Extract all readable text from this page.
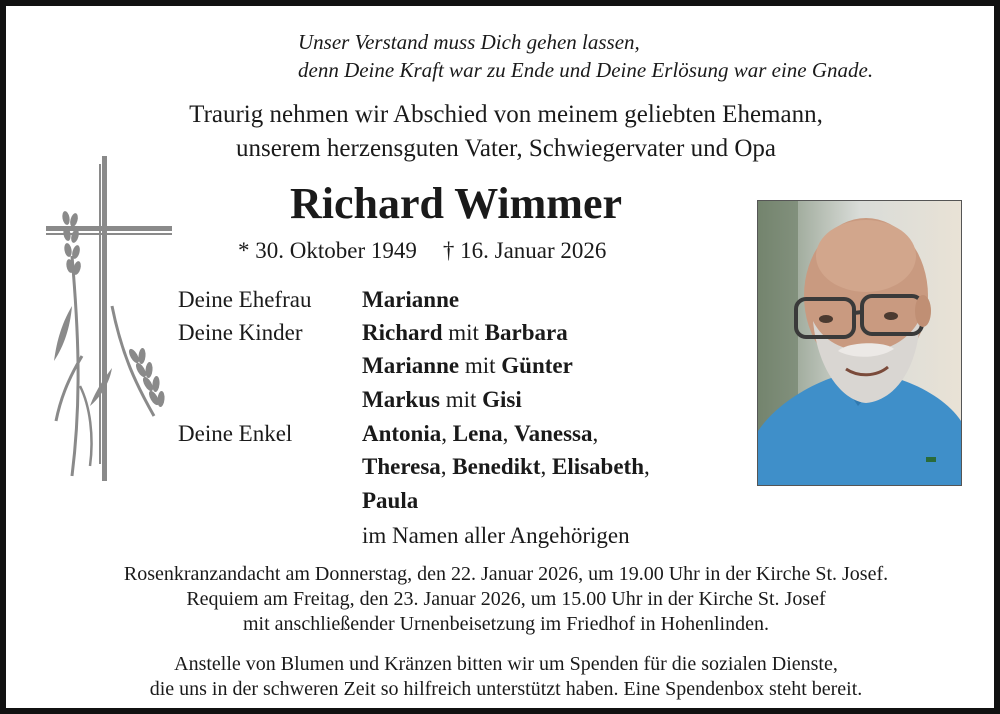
Unser Verstand muss Dich gehen lassen,
denn Deine Kraft war zu Ende und Deine Erlösung war eine Gnade.
Traurig nehmen wir Abschied von meinem geliebten Ehemann,
unserem herzensguten Vater, Schwiegervater und Opa
Richard Wimmer
* 30. Oktober 1949 † 16. Januar 2026
Deine Ehefrau Marianne
Deine Kinder	Richard mit Barbara
Marianne mit Günter
Markus mit Gisi
Deine Enkel	Antonia, Lena, Vanessa,
Theresa, Benedikt, Elisabeth,
Paula
im Namen aller Angehörigen
Rosenkranzandacht am Donnerstag, den 22. Januar 2026, um 19.00 Uhr in der Kirche St. Josef.
Requiem am Freitag, den 23. Januar 2026, um 15.00 Uhr in der Kirche St. Josef
mit anschließender Urnenbeisetzung im Friedhof in Hohenlinden.
Anstelle von Blumen und Kränzen bitten wir um Spenden für die sozialen Dienste,
die uns in der schweren Zeit so hilfreich unterstützt haben. Eine Spendenbox steht bereit.
